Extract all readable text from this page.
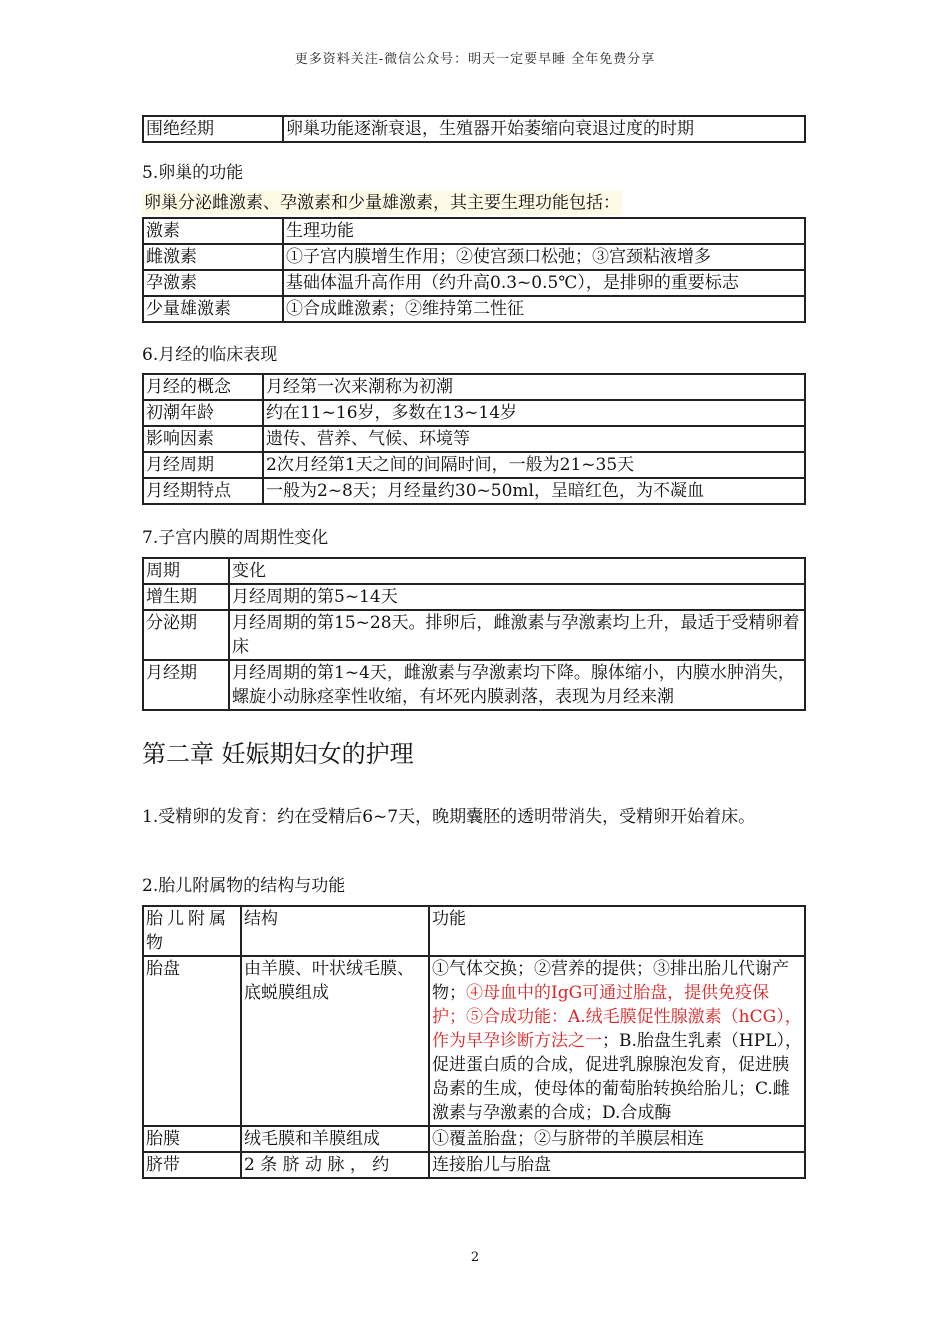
更多资料关注-微信公众号：明天一定要早睡 全年免费分享
围绝经期	卵巢功能逐渐衰退，生殖器开始萎缩向衰退过度的时期
5.卵巢的功能
卵巢分泌雌激素、孕激素和少量雄激素，其主要生理功能包括：
激素	生理功能
雌激素	①子宫内膜增生作用；②使宫颈口松弛；③宫颈粘液增多
孕激素	基础体温升高作用（约升高0.3~0.5℃），是排卵的重要标志
少量雄激素	①合成雌激素；②维持第二性征
6.月经的临床表现
月经的概念	月经第一次来潮称为初潮
初潮年龄	约在11~16岁，多数在13~14岁
影响因素	遗传、营养、气候、环境等
月经周期	2次月经第1天之间的间隔时间，一般为21~35天
月经期特点	一般为2~8天；月经量约30~50ml，呈暗红色，为不凝血
7.子宫内膜的周期性变化
周期	变化
增生期	月经周期的第5~14天
分泌期	月经周期的第15~28天。排卵后，雌激素与孕激素均上升，最适于受精卵着床
月经期	月经周期的第1~4天，雌激素与孕激素均下降。腺体缩小，内膜水肿消失，螺旋小动脉痉挛性收缩，有坏死内膜剥落，表现为月经来潮
第二章 妊娠期妇女的护理
1.受精卵的发育：约在受精后6~7天，晚期囊胚的透明带消失，受精卵开始着床。
2.胎儿附属物的结构与功能
胎儿附属物	结构	功能
胎盘	由羊膜、叶状绒毛膜、底蜕膜组成	①气体交换；②营养的提供；③排出胎儿代谢产物；④母血中的IgG可通过胎盘，提供免疫保护；⑤合成功能：A.绒毛膜促性腺激素（hCG），作为早孕诊断方法之一；B.胎盘生乳素（HPL），促进蛋白质的合成，促进乳腺腺泡发育，促进胰岛素的生成，使母体的葡萄胎转换给胎儿；C.雌激素与孕激素的合成；D.合成酶
胎膜	绒毛膜和羊膜组成	①覆盖胎盘；②与脐带的羊膜层相连
脐带	2 条 脐 动 脉 ， 约	连接胎儿与胎盘
2
